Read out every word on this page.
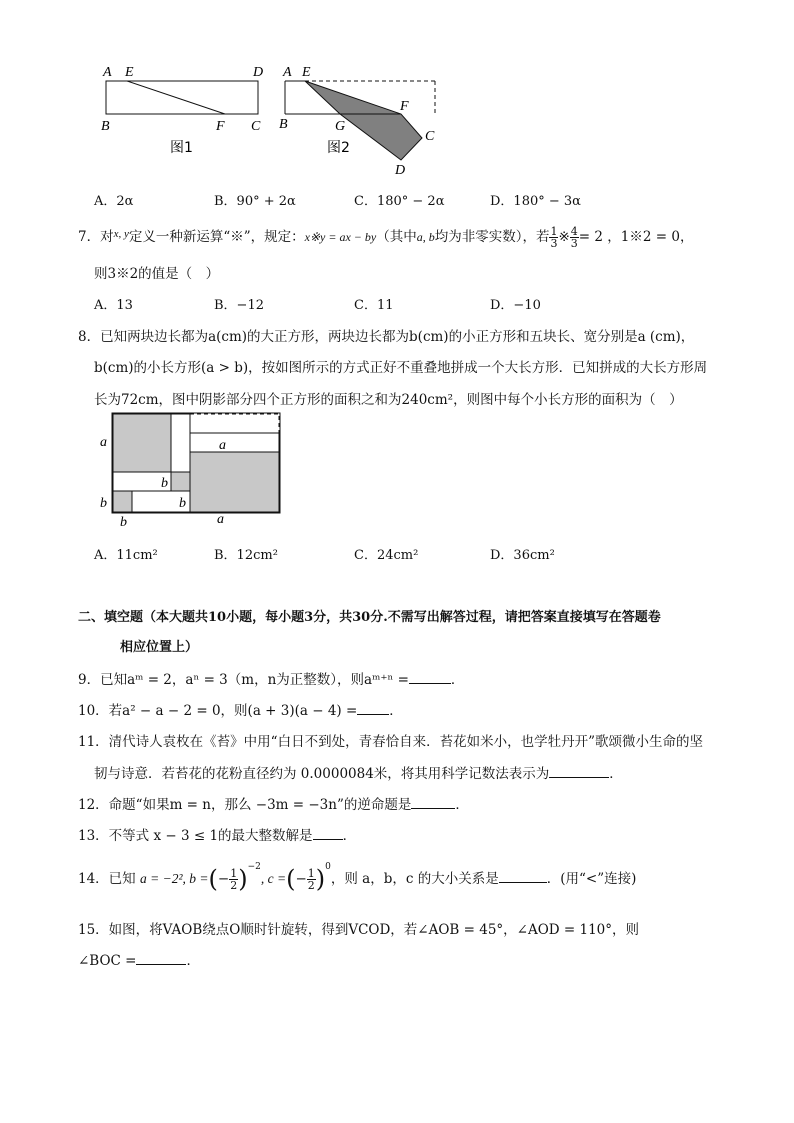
A E	D
B	F C
图1
A E
F
B	G
C
D
图2
A．2α	B．90° + 2α	C．180° − 2α	D．180° − 3α
7．对$^{x, y}$定义一种新运算“※”，规定：x※y = ax − by（其中a, b均为非零实数），若 $\frac{1}{3}$ ※ $\frac{4}{3} = 2$ ，1※2 = 0，
则3※2的值是（　）
A．13	B．−12	C．11	D．−10
8．已知两块边长都为a(cm)的大正方形，两块边长都为b(cm)的小正方形和五块长、宽分别是a (cm)，
b(cm)的小长方形(a > b)，按如图所示的方式正好不重叠地拼成一个大长方形．已知拼成的大长方形周
长为72cm，图中阴影部分四个正方形的面积之和为240cm²，则图中每个小长方形的面积为（　）
a	a
b
b	b
b	a
A．11cm²	B．12cm²	C．24cm²	D．36cm²
二、填空题（本大题共10小题，每小题3分，共30分.不需写出解答过程，请把答案直接填写在答题卷
相应位置上）
9．已知aᵐ = 2，aⁿ = 3（m，n为正整数），则aᵐ⁺ⁿ =	．
10．若a² − a − 2 = 0，则(a + 3)(a − 4) = ．
11．清代诗人袁枚在《苔》中用“白日不到处，青春恰自来．苔花如米小，也学牡丹开”歌颂微小生命的坚
韧与诗意．若苔花的花粉直径约为 0.0000084米，将其用科学记数法表示为	．
12．命题“如果m = n，那么 −3m = −3n”的逆命题是	．
13．不等式 x − 3 ≤ 1的最大整数解是 ．
14．已知 a = −2², b =(− $\frac{1}{2} )^{-2}$, c =(− $\frac{1}{2} )^0$，则 a，b，c 的大小关系是	．(用“<”连接)
15．如图，将VAOB绕点O顺时针旋转，得到VCOD，若∠AOB = 45°，∠AOD = 110°，则
∠BOC =	．
